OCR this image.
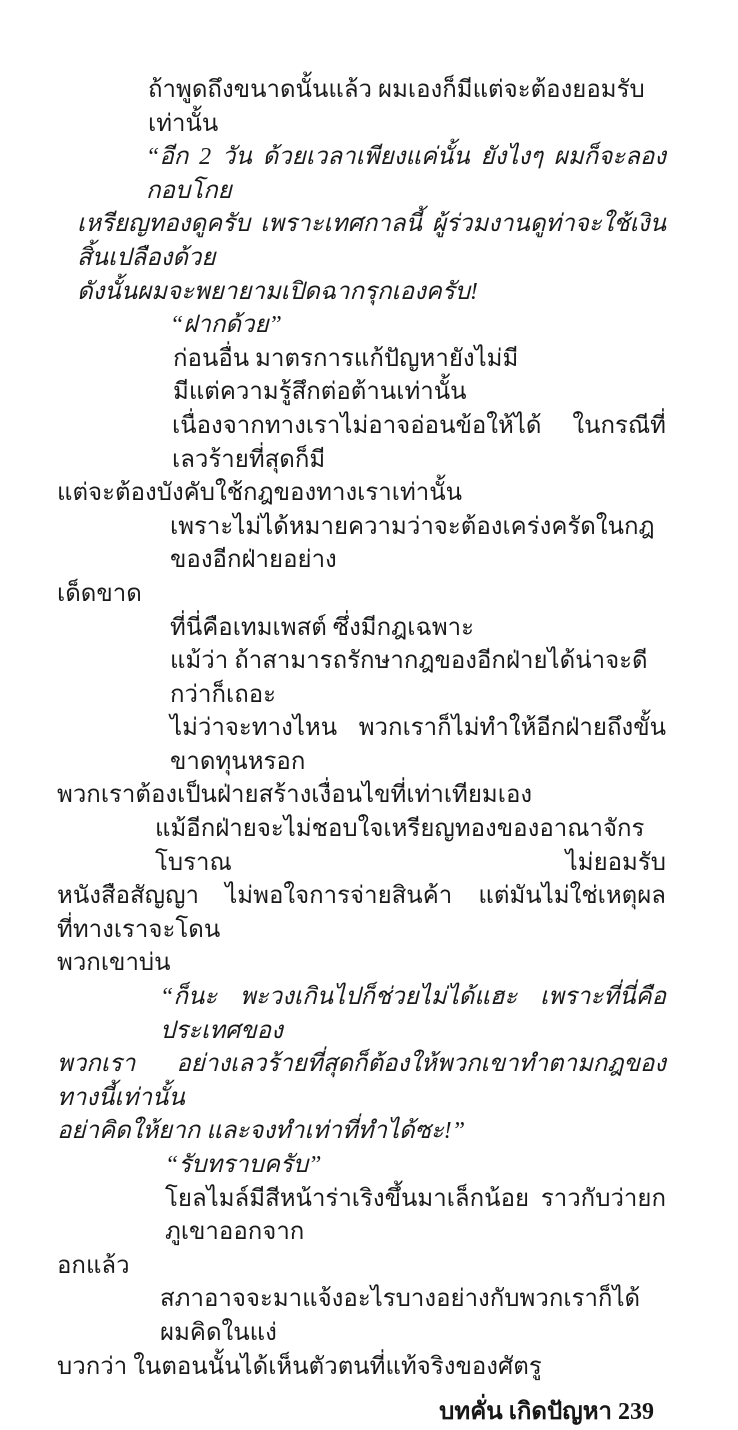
ถ้าพูดถึงขนาดนั้นแล้ว ผมเองก็มีแต่จะต้องยอมรับเท่านั้น
“อีก 2 วัน ด้วยเวลาเพียงแค่นั้น ยังไงๆ ผมก็จะลองกอบโกย
เหรียญทองดูครับ เพราะเทศกาลนี้ ผู้ร่วมงานดูท่าจะใช้เงินสิ้นเปลืองด้วย
ดังนั้นผมจะพยายามเปิดฉากรุกเองครับ!
“ฝากด้วย”
ก่อนอื่น มาตรการแก้ปัญหายังไม่มี
มีแต่ความรู้สึกต่อต้านเท่านั้น
เนื่องจากทางเราไม่อาจอ่อนข้อให้ได้ ในกรณีที่เลวร้ายที่สุดก็มี
แต่จะต้องบังคับใช้กฎของทางเราเท่านั้น
เพราะไม่ได้หมายความว่าจะต้องเคร่งครัดในกฎของอีกฝ่ายอย่าง
เด็ดขาด
ที่นี่คือเทมเพสต์ ซึ่งมีกฎเฉพาะ
แม้ว่า ถ้าสามารถรักษากฎของอีกฝ่ายได้น่าจะดีกว่าก็เถอะ
ไม่ว่าจะทางไหน พวกเราก็ไม่ทำให้อีกฝ่ายถึงขั้นขาดทุนหรอก
พวกเราต้องเป็นฝ่ายสร้างเงื่อนไขที่เท่าเทียมเอง
แม้อีกฝ่ายจะไม่ชอบใจเหรียญทองของอาณาจักรโบราณ ไม่ยอมรับ
หนังสือสัญญา ไม่พอใจการจ่ายสินค้า แต่มันไม่ใช่เหตุผลที่ทางเราจะโดน
พวกเขาบ่น
“ก็นะ พะวงเกินไปก็ช่วยไม่ได้แฮะ เพราะที่นี่คือประเทศของ
พวกเรา อย่างเลวร้ายที่สุดก็ต้องให้พวกเขาทำตามกฎของทางนี้เท่านั้น
อย่าคิดให้ยาก และจงทำเท่าที่ทำได้ซะ!”
“รับทราบครับ”
โยลไมล์มีสีหน้าร่าเริงขึ้นมาเล็กน้อย ราวกับว่ายกภูเขาออกจาก
อกแล้ว
สภาอาจจะมาแจ้งอะไรบางอย่างกับพวกเราก็ได้ ผมคิดในแง่
บวกว่า ในตอนนั้นได้เห็นตัวตนที่แท้จริงของศัตรู
บทคั่น เกิดปัญหา 239
